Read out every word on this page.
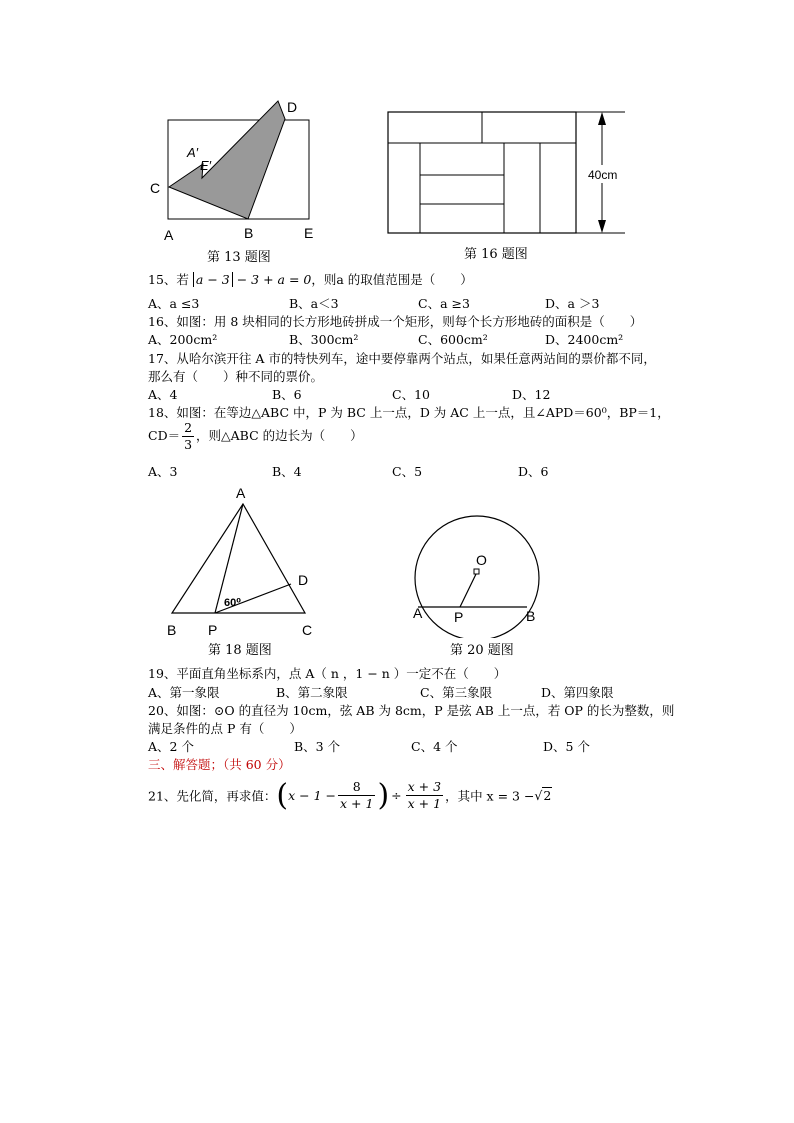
D
A′
E′
C
A	B	E
第 13 题图
40cm
第 16 题图
15、若 a − 3 − 3 + a = 0，则a 的取值范围是（　　）
A、a ≤3	B、a＜3	C、a ≥3	D、a ＞3
16、如图：用 8 块相同的长方形地砖拼成一个矩形，则每个长方形地砖的面积是（　　）
A、200cm²	B、300cm²	C、600cm²	D、2400cm²
17、从哈尔滨开往 A 市的特快列车，途中要停靠两个站点，如果任意两站间的票价都不同，
那么有（　　）种不同的票价。
A、4	B、6	C、10	D、12
18、如图：在等边△ABC 中，P 为 BC 上一点，D 为 AC 上一点，且∠APD＝60⁰，BP＝1，
$CD= \frac{2}{3}$ ，则△ABC 的边长为（　　）
A、3	B、4	C、5	D、6
A
D
60⁰
B P	C
第 18 题图
O
A P	B
第 20 题图
19、平面直角坐标系内，点 A（ n ，1 − n ）一定不在（　　）
A、第一象限	B、第二象限	C、第三象限	D、第四象限
20、如图：⊙O 的直径为 10cm，弦 AB 为 8cm，P 是弦 AB 上一点，若 OP 的长为整数，则
满足条件的点 P 有（　　）
A、2 个	B、3 个	C、4 个	D、5 个
三、解答题；（共 60 分）
21、先化简，再求值：($x - 1 - \frac{8}{x + 1}$ ) ÷ $\frac{x + 3}{x + 1}$ ，其中 x = 3 −√2
